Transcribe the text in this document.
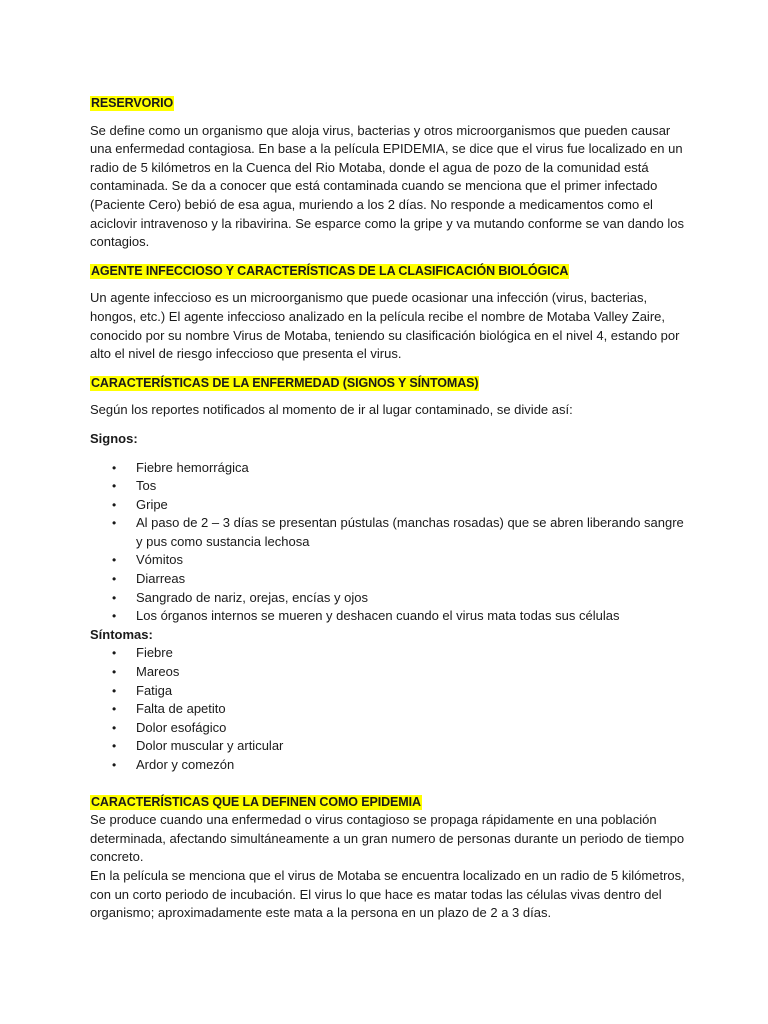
RESERVORIO

Se define como un organismo que aloja virus, bacterias y otros microorganismos que pueden causar una enfermedad contagiosa. En base a la película EPIDEMIA, se dice que el virus fue localizado en un radio de 5 kilómetros en la Cuenca del Rio Motaba, donde el agua de pozo de la comunidad está contaminada. Se da a conocer que está contaminada cuando se menciona que el primer infectado (Paciente Cero) bebió de esa agua, muriendo a los 2 días. No responde a medicamentos como el aciclovir intravenoso y la ribavirina. Se esparce como la gripe y va mutando conforme se van dando los contagios.

AGENTE INFECCIOSO Y CARACTERÍSTICAS DE LA CLASIFICACIÓN BIOLÓGICA

Un agente infeccioso es un microorganismo que puede ocasionar una infección (virus, bacterias, hongos, etc.) El agente infeccioso analizado en la película recibe el nombre de Motaba Valley Zaire, conocido por su nombre Virus de Motaba, teniendo su clasificación biológica en el nivel 4, estando por alto el nivel de riesgo infeccioso que presenta el virus.

CARACTERÍSTICAS DE LA ENFERMEDAD (SIGNOS Y SÍNTOMAS)

Según los reportes notificados al momento de ir al lugar contaminado, se divide así:

Signos:

• Fiebre hemorrágica
• Tos
• Gripe
• Al paso de 2 – 3 días se presentan pústulas (manchas rosadas) que se abren liberando sangre y pus como sustancia lechosa
• Vómitos
• Diarreas
• Sangrado de nariz, orejas, encías y ojos
• Los órganos internos se mueren y deshacen cuando el virus mata todas sus células

Síntomas:

• Fiebre
• Mareos
• Fatiga
• Falta de apetito
• Dolor esofágico
• Dolor muscular y articular
• Ardor y comezón
CARACTERÍSTICAS QUE LA DEFINEN COMO EPIDEMIA

Se produce cuando una enfermedad o virus contagioso se propaga rápidamente en una población determinada, afectando simultáneamente a un gran numero de personas durante un periodo de tiempo concreto.

En la película se menciona que el virus de Motaba se encuentra localizado en un radio de 5 kilómetros, con un corto periodo de incubación. El virus lo que hace es matar todas las células vivas dentro del organismo; aproximadamente este mata a la persona en un plazo de 2 a 3 días.
